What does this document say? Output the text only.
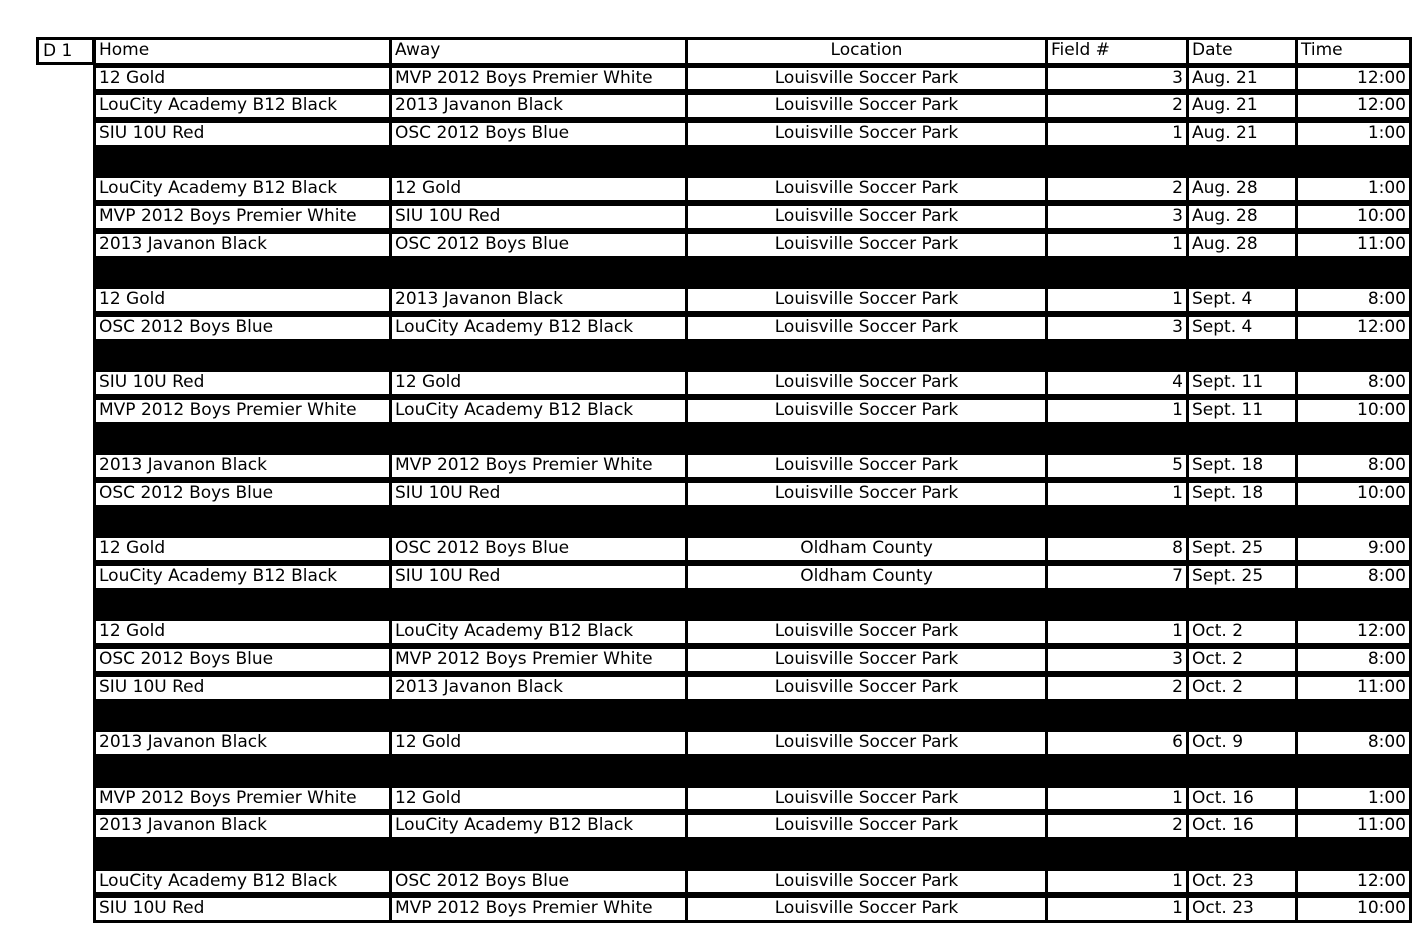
D 1	Home	Away	Location	Field #	Date	Time
12 Gold	MVP 2012 Boys Premier White	Louisville Soccer Park	3 Aug. 21	12:00
LouCity Academy B12 Black	2013 Javanon Black	Louisville Soccer Park	2 Aug. 21	12:00
SIU 10U Red	OSC 2012 Boys Blue	Louisville Soccer Park	1 Aug. 21	1:00
LouCity Academy B12 Black	12 Gold	Louisville Soccer Park	2 Aug. 28	1:00
MVP 2012 Boys Premier White	SIU 10U Red	Louisville Soccer Park	3 Aug. 28	10:00
2013 Javanon Black	OSC 2012 Boys Blue	Louisville Soccer Park	1 Aug. 28	11:00
12 Gold	2013 Javanon Black	Louisville Soccer Park	1 Sept. 4	8:00
OSC 2012 Boys Blue	LouCity Academy B12 Black	Louisville Soccer Park	3 Sept. 4	12:00
SIU 10U Red	12 Gold	Louisville Soccer Park	4 Sept. 11	8:00
MVP 2012 Boys Premier White	LouCity Academy B12 Black	Louisville Soccer Park	1 Sept. 11	10:00
2013 Javanon Black	MVP 2012 Boys Premier White	Louisville Soccer Park	5 Sept. 18	8:00
OSC 2012 Boys Blue	SIU 10U Red	Louisville Soccer Park	1 Sept. 18	10:00
12 Gold	OSC 2012 Boys Blue	Oldham County	8 Sept. 25	9:00
LouCity Academy B12 Black	SIU 10U Red	Oldham County	7 Sept. 25	8:00
12 Gold	LouCity Academy B12 Black	Louisville Soccer Park	1 Oct. 2	12:00
OSC 2012 Boys Blue	MVP 2012 Boys Premier White	Louisville Soccer Park	3 Oct. 2	8:00
SIU 10U Red	2013 Javanon Black	Louisville Soccer Park	2 Oct. 2	11:00
2013 Javanon Black	12 Gold	Louisville Soccer Park	6 Oct. 9	8:00
MVP 2012 Boys Premier White	12 Gold	Louisville Soccer Park	1 Oct. 16	1:00
2013 Javanon Black	LouCity Academy B12 Black	Louisville Soccer Park	2 Oct. 16	11:00
LouCity Academy B12 Black	OSC 2012 Boys Blue	Louisville Soccer Park	1 Oct. 23	12:00
SIU 10U Red	MVP 2012 Boys Premier White	Louisville Soccer Park	1 Oct. 23	10:00
